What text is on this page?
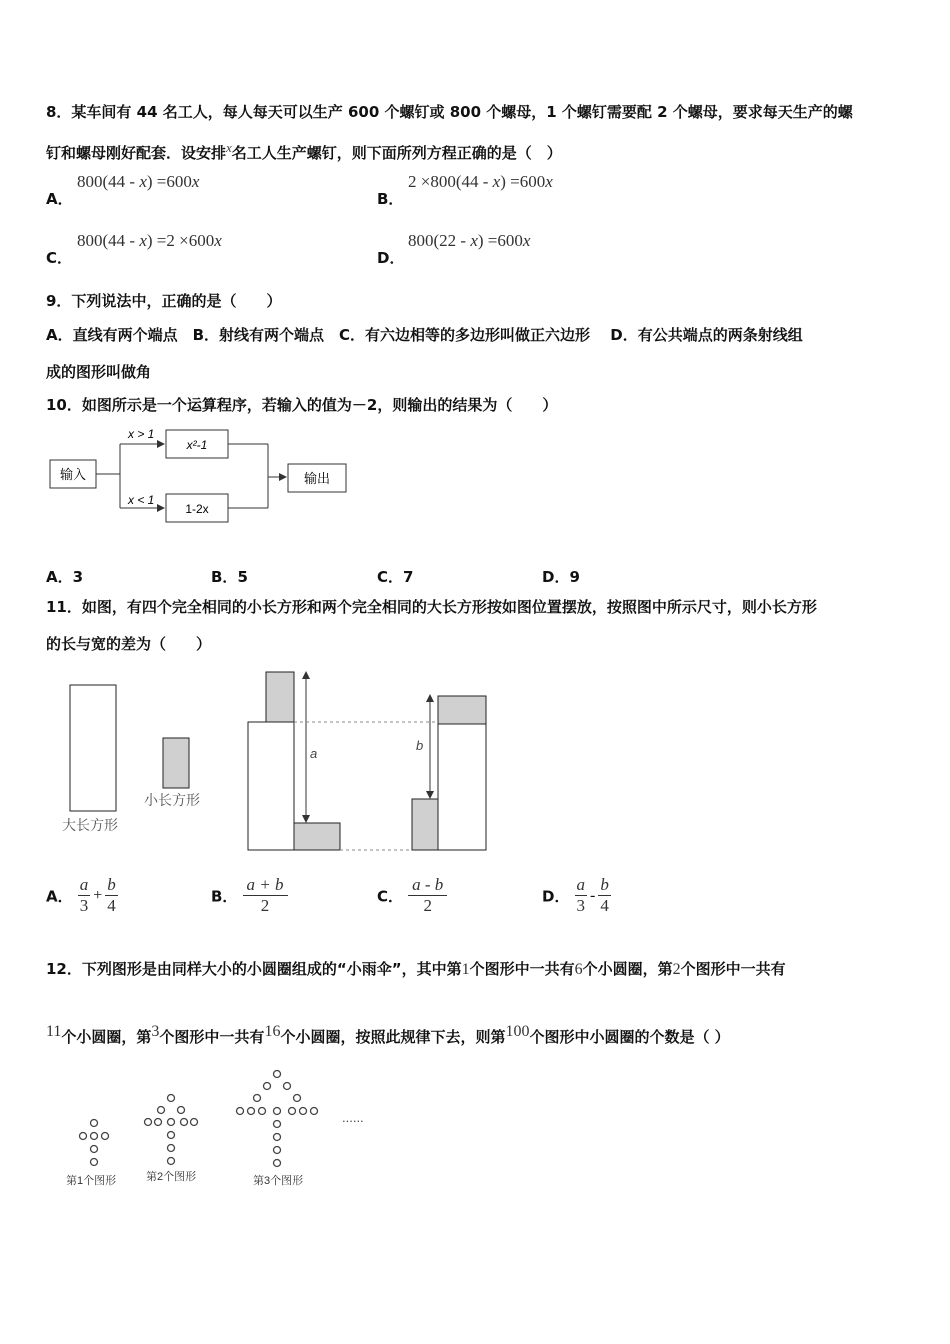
8．某车间有 44 名工人，每人每天可以生产 600 个螺钉或 800 个螺母，1 个螺钉需要配 2 个螺母，要求每天生产的螺
钉和螺母刚好配套．设安排$^x$名工人生产螺钉，则下面所列方程正确的是（　）
A．
800(44 - x) =600x
B．
2 ×800(44 - x) =600x
C．
800(44 - x) =2 ×600x
D．
800(22 - x) =600x
9．下列说法中，正确的是（　　）
A．直线有两个端点　B．射线有两个端点　C．有六边相等的多边形叫做正六边形　 D．有公共端点的两条射线组
成的图形叫做角
10．如图所示是一个运算程序，若输入的值为－2，则输出的结果为（　　）
输入
x > 1
x < 1
x²-1
1-2x
输出
A．3	B．5	C．7	D．9
11．如图，有四个完全相同的小长方形和两个完全相同的大长方形按如图位置摆放，按照图中所示尺寸，则小长方形
的长与宽的差为（　　）
大长方形
小长方形
a
b
A． $\frac{a}{3} + \frac{b}{4}$	B． $\frac{a + b}{2}$	C． $\frac{a - b}{2}$	D． $\frac{a}{3} - \frac{b}{4}$
12．下列图形是由同样大小的小圆圈组成的“小雨伞”，其中第1个图形中一共有6个小圆圈，第2个图形中一共有
$^{11}$个小圆圈，第$^3$个图形中一共有$^{16}$个小圆圈，按照此规律下去，则第$^{100}$个图形中小圆圈的个数是（ ）
......
第1个图形	第2个图形	第3个图形
